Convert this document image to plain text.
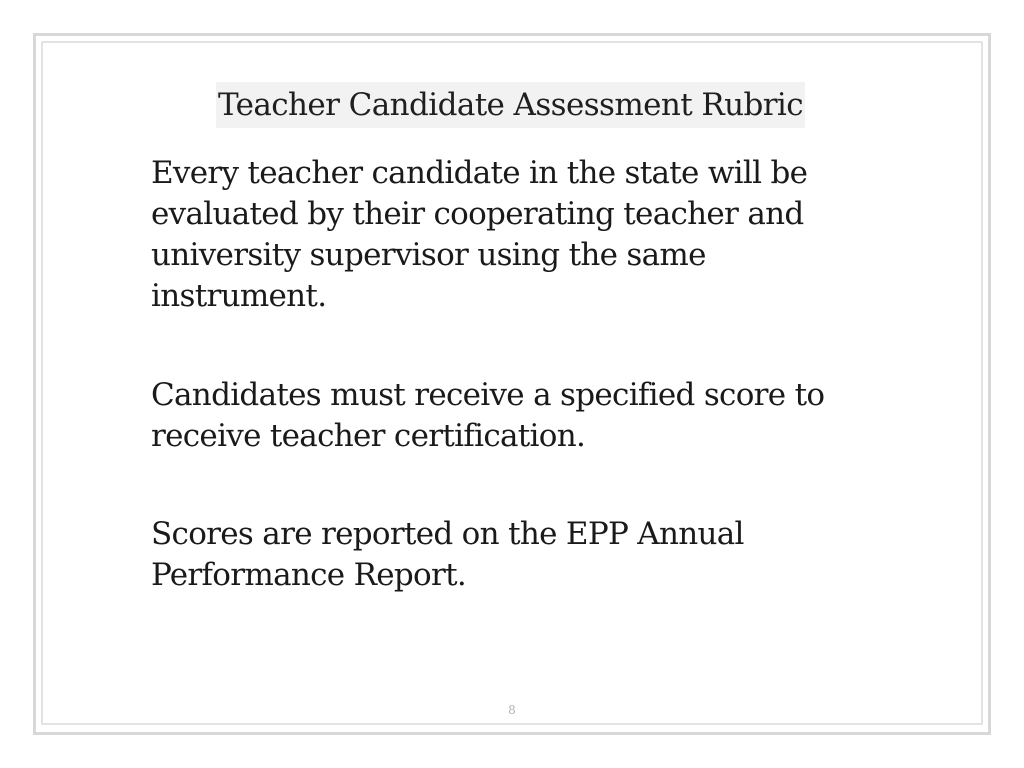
Teacher Candidate Assessment Rubric
Every teacher candidate in the state will be evaluated by their cooperating teacher and university supervisor using the same instrument.
Candidates must receive a specified score to receive teacher certification.
Scores are reported on the EPP Annual Performance Report.
8
